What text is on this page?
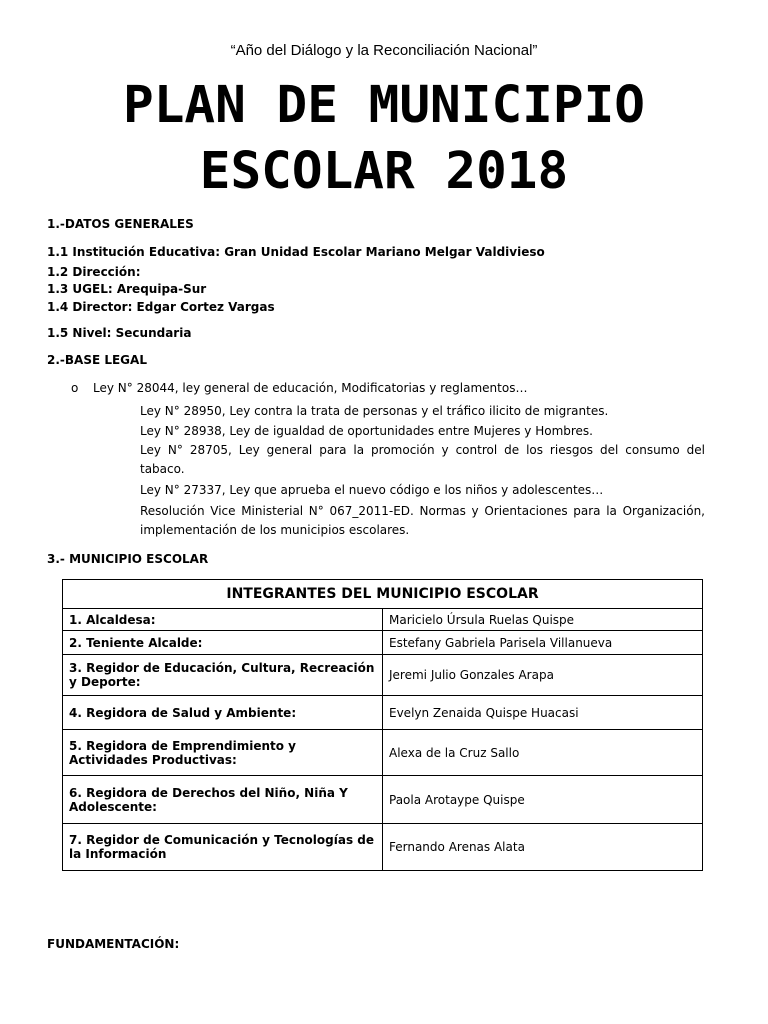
“Año del Diálogo y la Reconciliación Nacional”
PLAN DE MUNICIPIO
ESCOLAR 2018
1.-DATOS GENERALES
1.1 Institución Educativa: Gran Unidad Escolar Mariano Melgar Valdivieso
1.2 Dirección:
1.3 UGEL: Arequipa-Sur
1.4 Director: Edgar Cortez Vargas
1.5 Nivel: Secundaria
2.-BASE LEGAL
o Ley N° 28044, ley general de educación, Modificatorias y reglamentos…
Ley N° 28950, Ley contra la trata de personas y el tráfico ilicito de migrantes.
Ley N° 28938, Ley de igualdad de oportunidades entre Mujeres y Hombres.
Ley N° 28705, Ley general para la promoción y control de los riesgos del consumo del tabaco.
Ley N° 27337, Ley que aprueba el nuevo código e los niños y adolescentes…
Resolución Vice Ministerial N° 067_2011-ED. Normas y Orientaciones para la Organización, implementación de los municipios escolares.
3.- MUNICIPIO ESCOLAR
INTEGRANTES DEL MUNICIPIO ESCOLAR	
1. Alcaldesa:	Maricielo Úrsula Ruelas Quispe
2. Teniente Alcalde:	Estefany Gabriela Parisela Villanueva
3. Regidor de Educación, Cultura, Recreación y Deporte:	Jeremi Julio Gonzales Arapa
4. Regidora de Salud y Ambiente:	Evelyn Zenaida Quispe Huacasi
5. Regidora de Emprendimiento y Actividades Productivas:	Alexa de la Cruz Sallo
6. Regidora de Derechos del Niño, Niña Y Adolescente:	Paola Arotaype Quispe
7. Regidor de Comunicación y Tecnologías de la Información	Fernando Arenas Alata
FUNDAMENTACIÓN:
